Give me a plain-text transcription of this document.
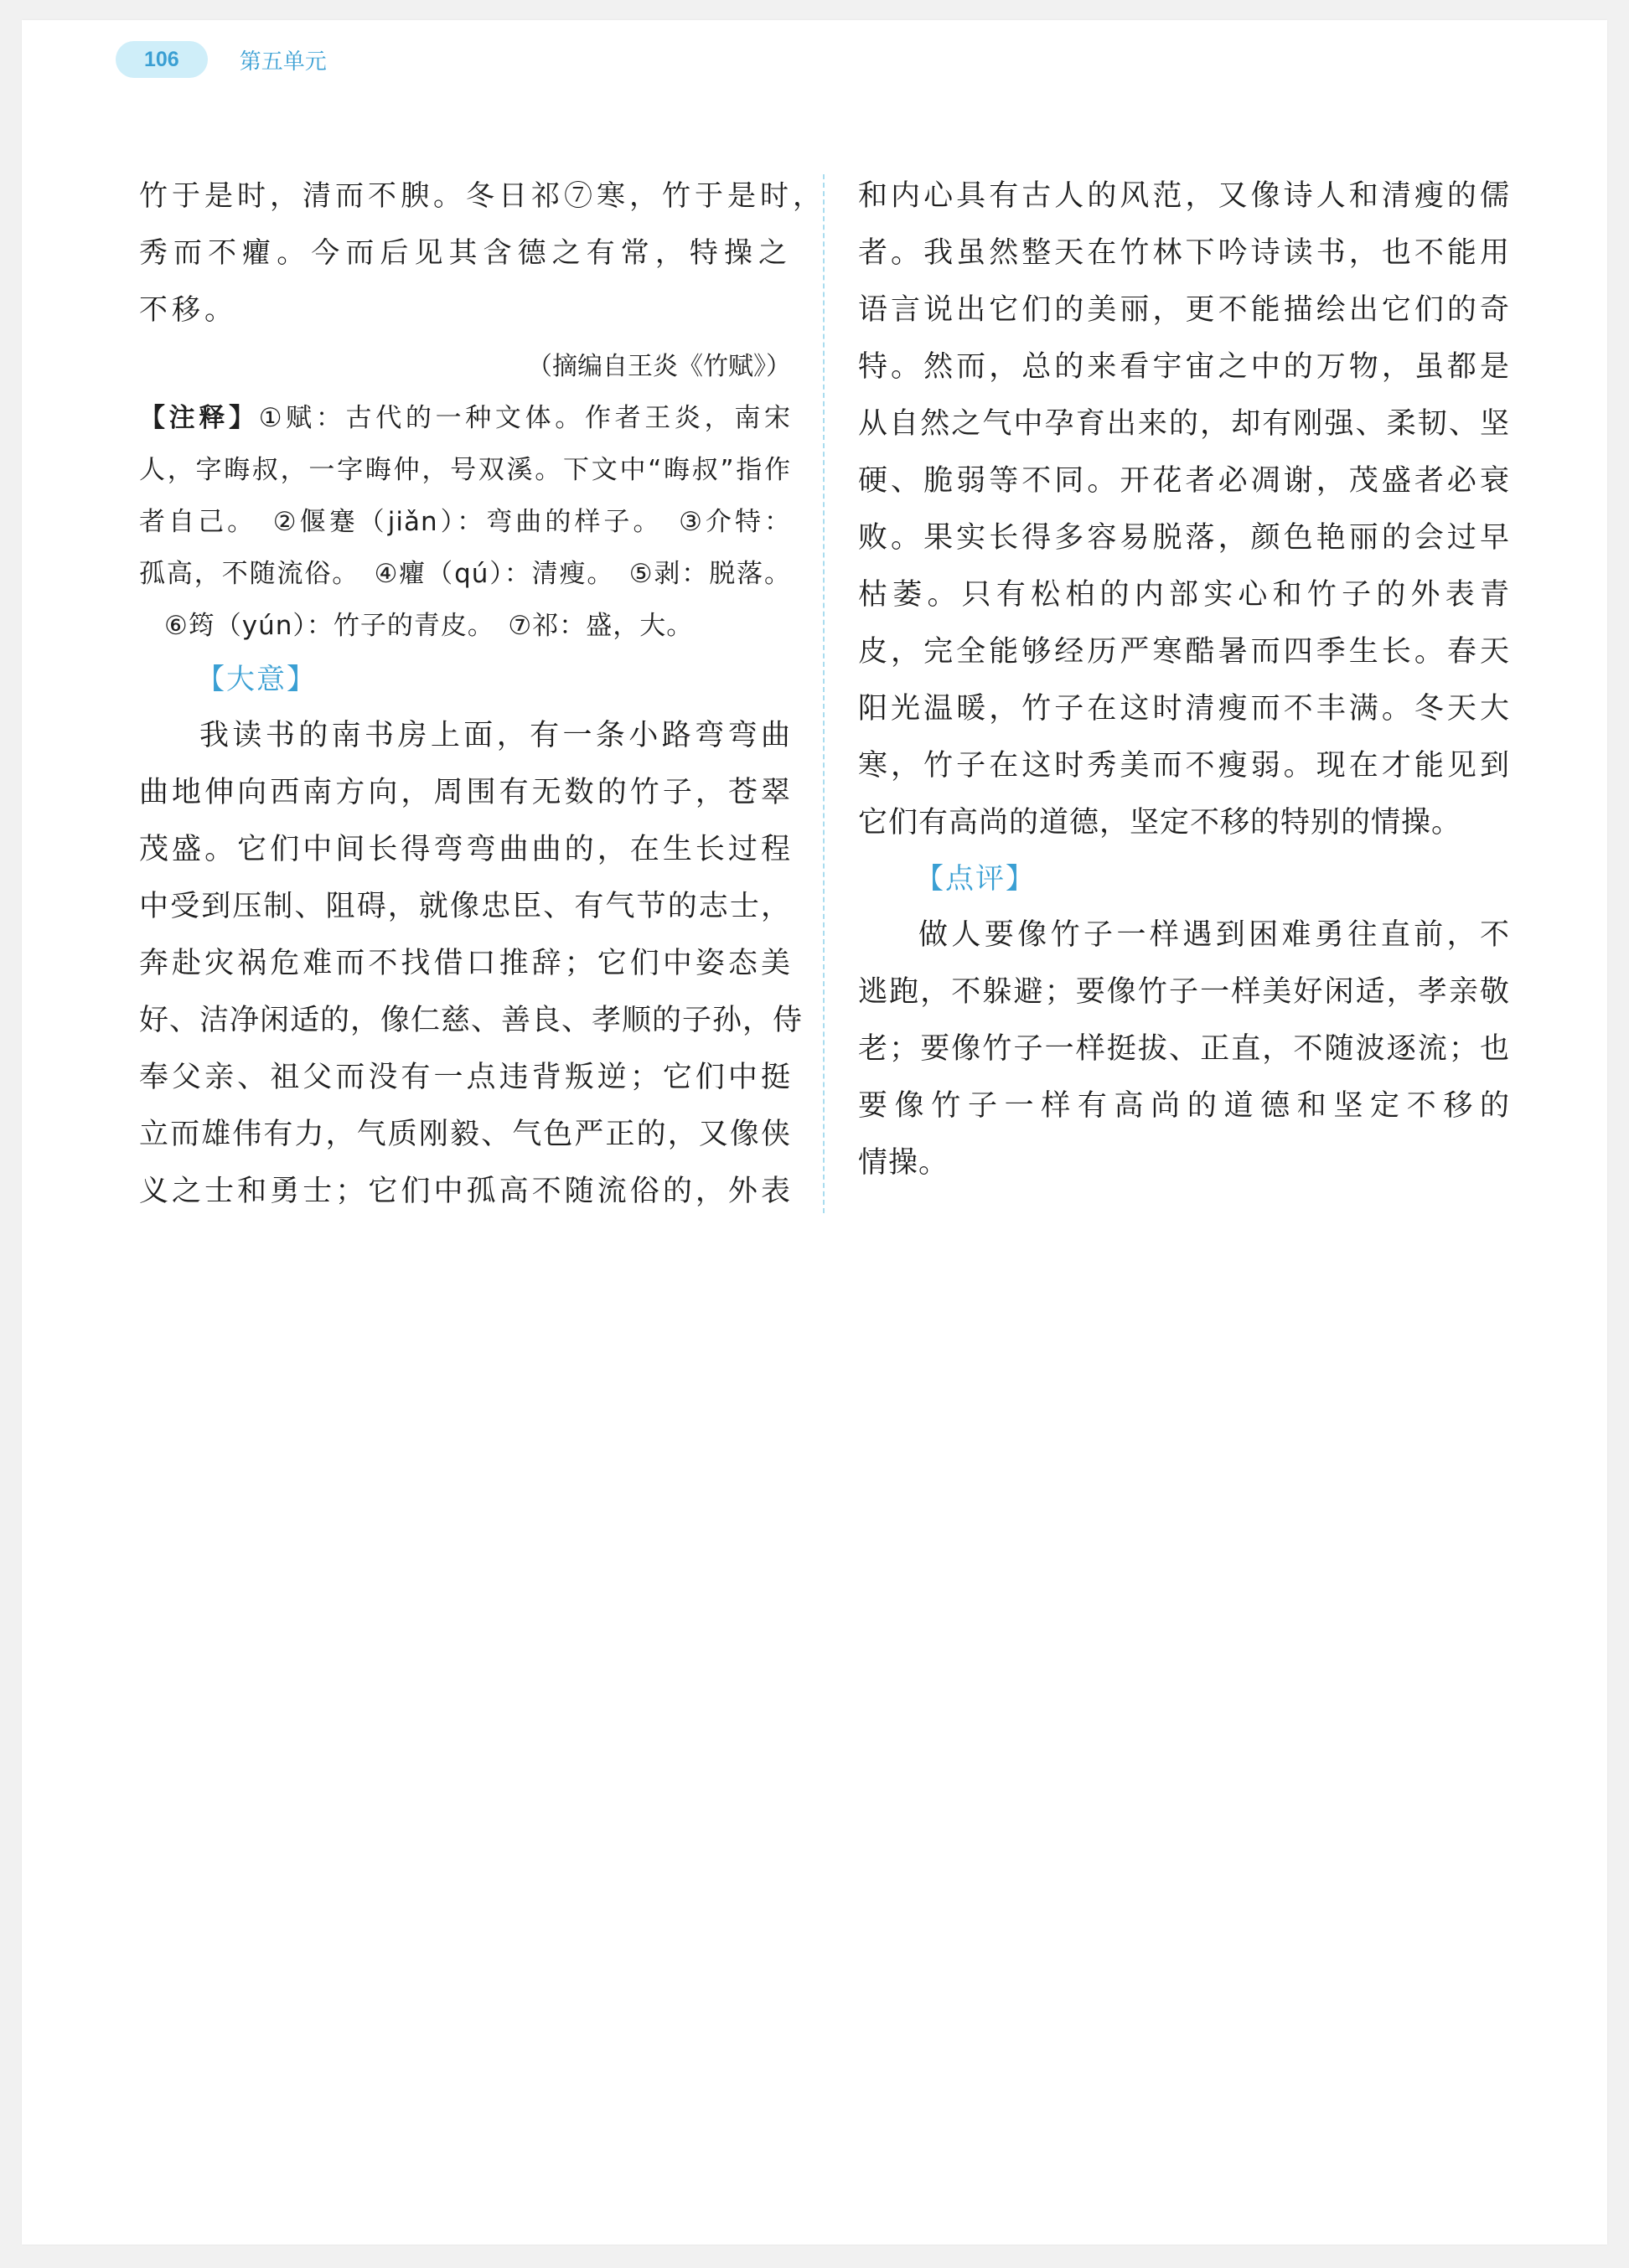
106	第五单元
竹于是时，清而不腴。冬日祁⑦寒，竹于是时，
秀而不癯。今而后见其含德之有常，特操之
不移。
（摘编自王炎《竹赋》）
【注释】①赋：古代的一种文体。作者王炎，南宋
人，字晦叔，一字晦仲，号双溪。下文中“晦叔”指作
者自己。　②偃蹇（jiǎn）：弯曲的样子。　③介特：
孤高，不随流俗。　④癯（qú）：清瘦。　⑤剥：脱落。
⑥筠（yún）：竹子的青皮。　⑦祁：盛，大。
【大意】
我读书的南书房上面，有一条小路弯弯曲
曲地伸向西南方向，周围有无数的竹子，苍翠
茂盛。它们中间长得弯弯曲曲的，在生长过程
中受到压制、阻碍，就像忠臣、有气节的志士，
奔赴灾祸危难而不找借口推辞；它们中姿态美
好、洁净闲适的，像仁慈、善良、孝顺的子孙，侍
奉父亲、祖父而没有一点违背叛逆；它们中挺
立而雄伟有力，气质刚毅、气色严正的，又像侠
义之士和勇士；它们中孤高不随流俗的，外表
和内心具有古人的风范，又像诗人和清瘦的儒
者。我虽然整天在竹林下吟诗读书，也不能用
语言说出它们的美丽，更不能描绘出它们的奇
特。然而，总的来看宇宙之中的万物，虽都是
从自然之气中孕育出来的，却有刚强、柔韧、坚
硬、脆弱等不同。开花者必凋谢，茂盛者必衰
败。果实长得多容易脱落，颜色艳丽的会过早
枯萎。只有松柏的内部实心和竹子的外表青
皮，完全能够经历严寒酷暑而四季生长。春天
阳光温暖，竹子在这时清瘦而不丰满。冬天大
寒，竹子在这时秀美而不瘦弱。现在才能见到
它们有高尚的道德，坚定不移的特别的情操。
【点评】
做人要像竹子一样遇到困难勇往直前，不
逃跑，不躲避；要像竹子一样美好闲适，孝亲敬
老；要像竹子一样挺拔、正直，不随波逐流；也
要像竹子一样有高尚的道德和坚定不移的
情操。
